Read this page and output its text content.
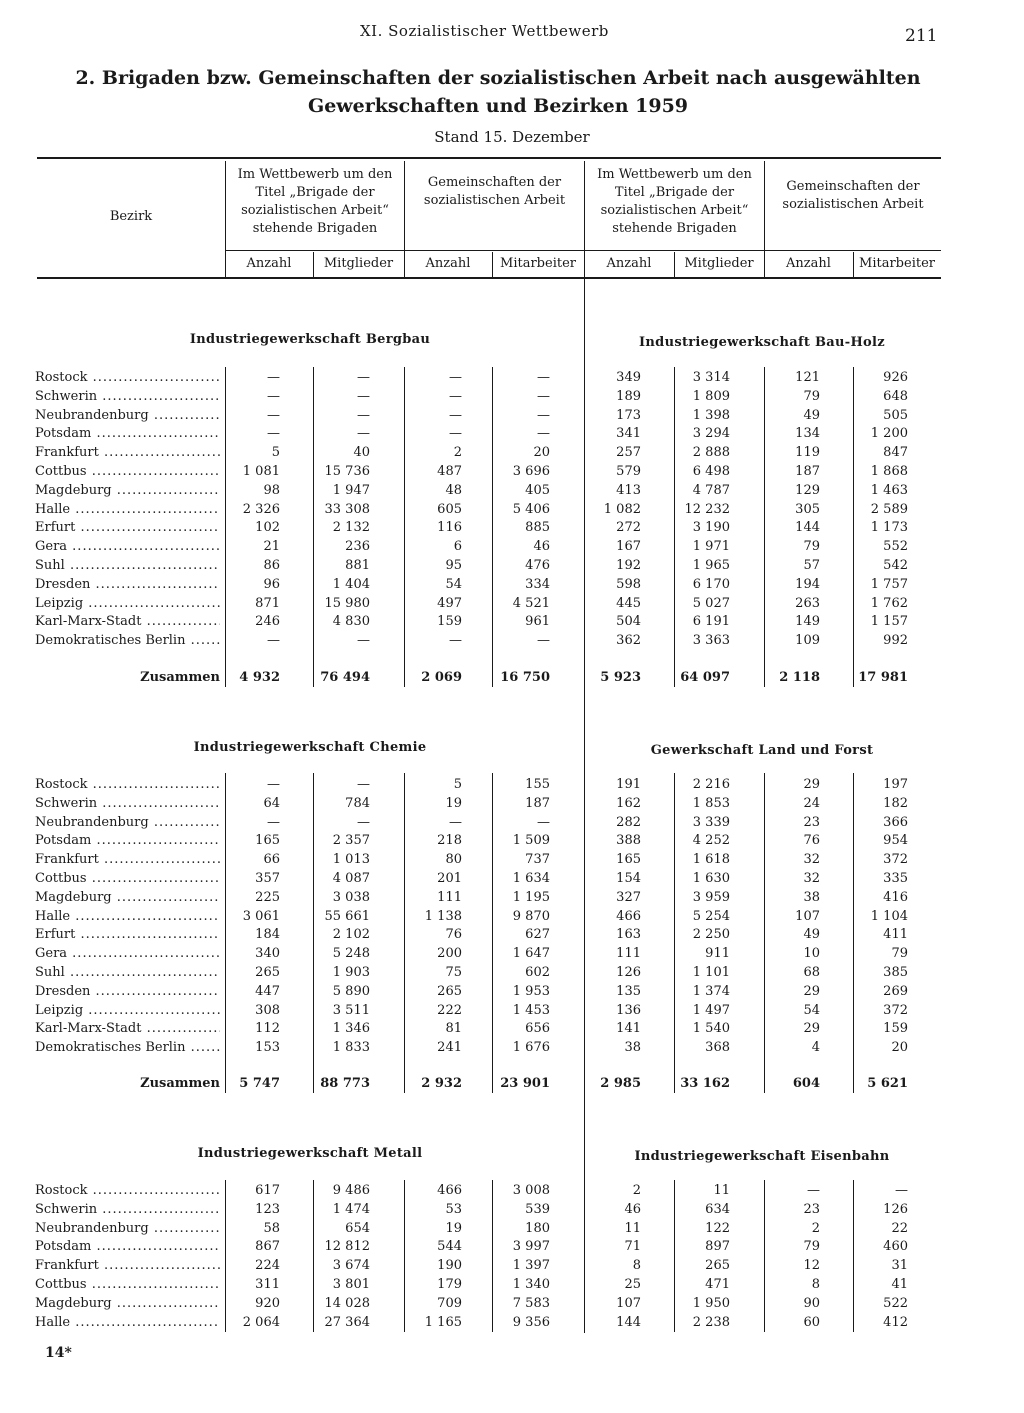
XI. Sozialistischer Wettbewerb	211
2. Brigaden bzw. Gemeinschaften der sozialistischen Arbeit nach ausgewählten Gewerkschaften und Bezirken 1959
Stand 15. Dezember
Bezirk
Im Wettbewerb um den Titel „Brigade der sozialistischen Arbeit“ stehende Brigaden
Gemeinschaften der sozialistischen Arbeit
Im Wettbewerb um den Titel „Brigade der sozialistischen Arbeit“ stehende Brigaden
Gemeinschaften der sozialistischen Arbeit
Anzahl	Mitglieder	Anzahl	Mitarbeiter	Anzahl	Mitglieder	Anzahl	Mitarbeiter
Industriegewerkschaft Bergbau	Industriegewerkschaft Bau-Holz
Rostock .....	—	—	—	—	349	3 314	121	926
Schwerin .....	—	—	—	—	189	1 809	79	648
Neubrandenburg .....	—	—	—	—	173	1 398	49	505
Potsdam .....	—	—	—	—	341	3 294	134	1 200
Frankfurt .....	5	40	2	20	257	2 888	119	847
Cottbus .....	1 081	15 736	487	3 696	579	6 498	187	1 868
Magdeburg .....	98	1 947	48	405	413	4 787	129	1 463
Halle .....	2 326	33 308	605	5 406	1 082	12 232	305	2 589
Erfurt .....	102	2 132	116	885	272	3 190	144	1 173
Gera .....	21	236	6	46	167	1 971	79	552
Suhl .....	86	881	95	476	192	1 965	57	542
Dresden .....	96	1 404	54	334	598	6 170	194	1 757
Leipzig .....	871	15 980	497	4 521	445	5 027	263	1 762
Karl-Marx-Stadt .....	246	4 830	159	961	504	6 191	149	1 157
Demokratisches Berlin .....	—	—	—	—	362	3 363	109	992
Zusammen 4 932	76 494	2 069	16 750	5 923	64 097	2 118	17 981
Industriegewerkschaft Chemie	Gewerkschaft Land und Forst
Rostock .....	—	—	5	155	191	2 216	29	197
Schwerin .....	64	784	19	187	162	1 853	24	182
Neubrandenburg .....	—	—	—	—	282	3 339	23	366
Potsdam .....	165	2 357	218	1 509	388	4 252	76	954
Frankfurt .....	66	1 013	80	737	165	1 618	32	372
Cottbus .....	357	4 087	201	1 634	154	1 630	32	335
Magdeburg .....	225	3 038	111	1 195	327	3 959	38	416
Halle .....	3 061	55 661	1 138	9 870	466	5 254	107	1 104
Erfurt .....	184	2 102	76	627	163	2 250	49	411
Gera .....	340	5 248	200	1 647	111	911	10	79
Suhl .....	265	1 903	75	602	126	1 101	68	385
Dresden .....	447	5 890	265	1 953	135	1 374	29	269
Leipzig .....	308	3 511	222	1 453	136	1 497	54	372
Karl-Marx-Stadt .....	112	1 346	81	656	141	1 540	29	159
Demokratisches Berlin .....	153	1 833	241	1 676	38	368	4	20
Zusammen 5 747	88 773	2 932	23 901	2 985	33 162	604	5 621
Industriegewerkschaft Metall	Industriegewerkschaft Eisenbahn
Rostock .....	617	9 486	466	3 008	2	11	—	—
Schwerin .....	123	1 474	53	539	46	634	23	126
Neubrandenburg .....	58	654	19	180	11	122	2	22
Potsdam .....	867	12 812	544	3 997	71	897	79	460
Frankfurt .....	224	3 674	190	1 397	8	265	12	31
Cottbus .....	311	3 801	179	1 340	25	471	8	41
Magdeburg .....	920	14 028	709	7 583	107	1 950	90	522
Halle .....	2 064	27 364	1 165	9 356	144	2 238	60	412
14*
